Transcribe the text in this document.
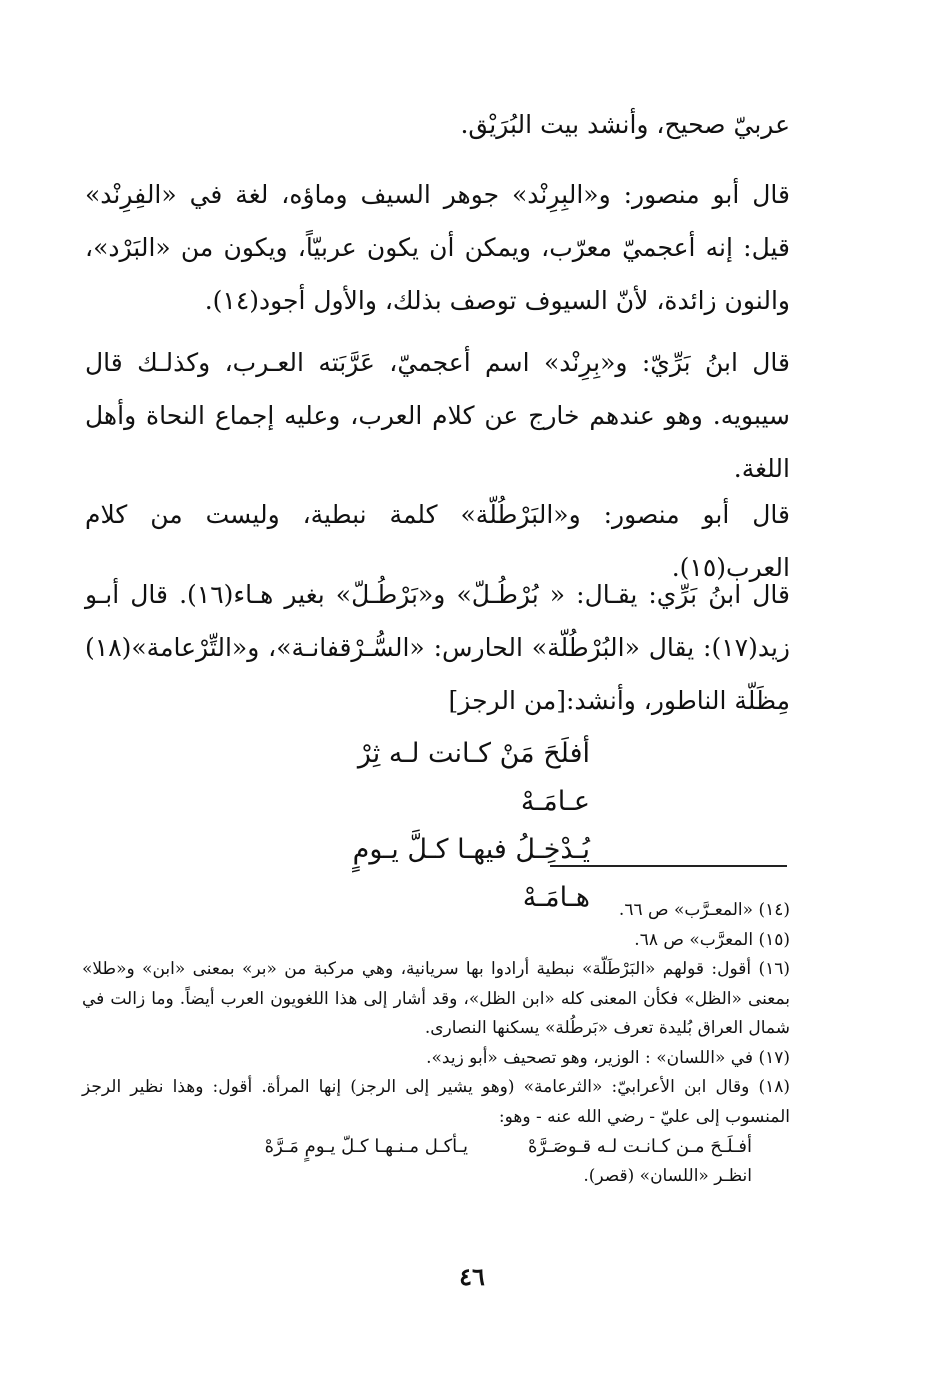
عربيّ صحيح، وأنشد بيت البُرَيْق.

قال أبو منصور: و«البِرِنْد» جوهر السيف وماؤه، لغة في «الفِرِنْد» قيل: إنه أعجميّ معرّب، ويمكن أن يكون عربيّاً، ويكون من «البَرْد»، والنون زائدة، لأنّ السيوف توصف بذلك، والأول أجود(١٤).

قال ابنُ بَرِّيّ: و«بِرِنْد» اسم أعجميّ، عَرَّبَته العـرب، وكذلـك قال سيبويه. وهو عندهم خارج عن كلام العرب، وعليه إجماع النحاة وأهل اللغة.

قال أبو منصور: و«البَرْطُلّة» كلمة نبطية، وليست من كلام العرب(١٥).

قال ابنُ بَرِّي: يقـال: « بُرْطُـلّ» و«بَرْطُـلّ» بغير هـاء(١٦). قال أبـو زيد(١٧): يقال «البُرْطُلّة» الحارس: «السُّـرْقفانـة»، و«التِّرْعامة»(١٨) مِظَلّة الناطور، وأنشد:[من الرجز]

أفلَحَ مَنْ كـانت لـه ثِرْ عـامَـهْ

يُـدْخِـلُ فيهـا كـلَّ يـومٍ هـامَـهْ	(١٤) «المعـرَّب» ص ٦٦.

(١٥) المعرَّب» ص ٦٨.

(١٦) أقول: قولهم «البَرْطَلّة» نبطية أرادوا بها سريانية، وهي مركبة من «بر» بمعنى «ابن» و«طلا» بمعنى «الظل» فكأن المعنى كله «ابن الظل»، وقد أشار إلى هذا اللغويون العرب أيضاً. وما زالت في شمال العراق بُليدة تعرف «بَرطُلة» يسكنها النصارى.

(١٧) في «اللسان» : الوزير، وهو تصحيف «أبو زيد».

(١٨) وقال ابن الأعرابيّ: «الثرعامة» (وهو يشير إلى الرجز) إنها المرأة. أقول: وهذا نظير الرجز المنسوب إلى عليّ - رضي الله عنه - وهو:

أفـلَـحَ مـن كـانـت لـه قـوصَـرَّهْ
يـأكـل مـنـهـا كـلّ يـومٍ مَـرَّهْ

انظـر «اللسان» (قصر).

٤٦
